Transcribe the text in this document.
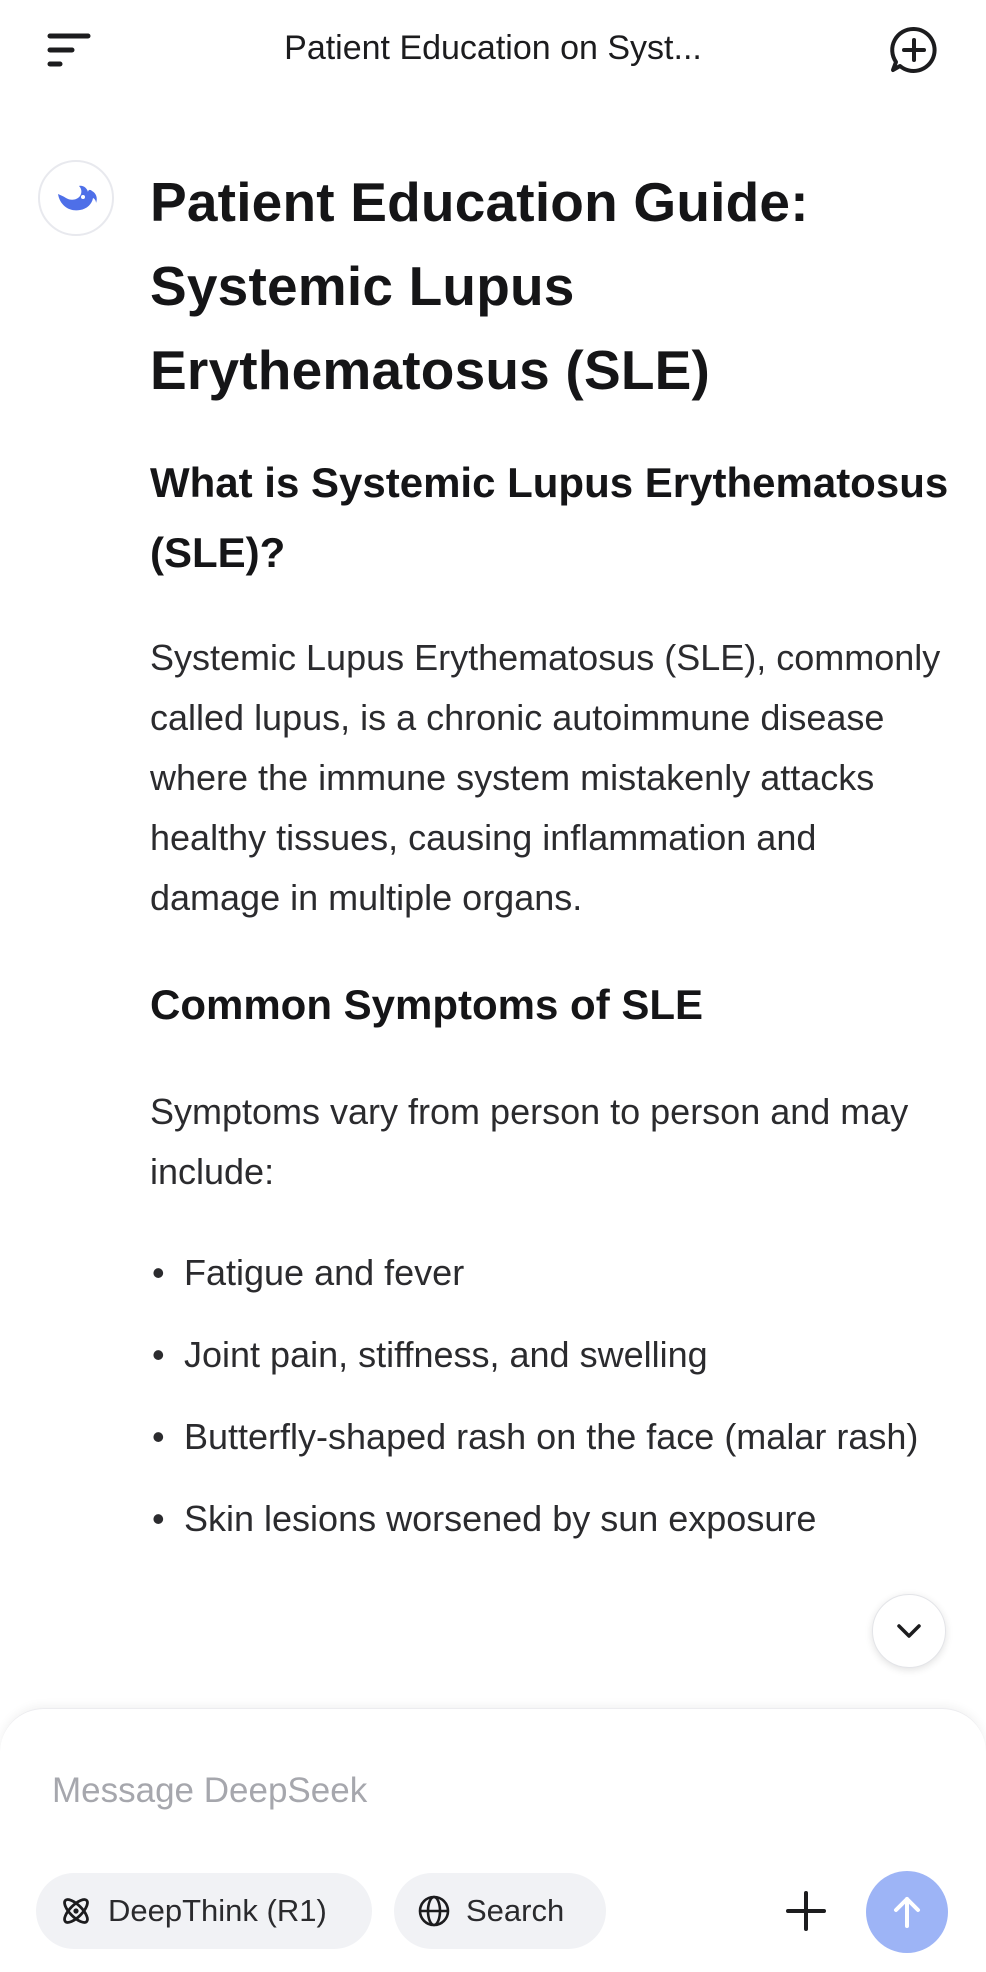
Patient Education on Syst...
Patient Education Guide: Systemic Lupus Erythematosus (SLE)
What is Systemic Lupus Erythematosus (SLE)?

Systemic Lupus Erythematosus (SLE), commonly called lupus, is a chronic autoimmune disease where the immune system mistakenly attacks healthy tissues, causing inflammation and damage in multiple organs.

Common Symptoms of SLE

Symptoms vary from person to person and may include:

• Fatigue and fever
• Joint pain, stiffness, and swelling
• Butterfly-shaped rash on the face (malar rash)
• Skin lesions worsened by sun exposure
Message DeepSeek
DeepThink (R1)	Search
